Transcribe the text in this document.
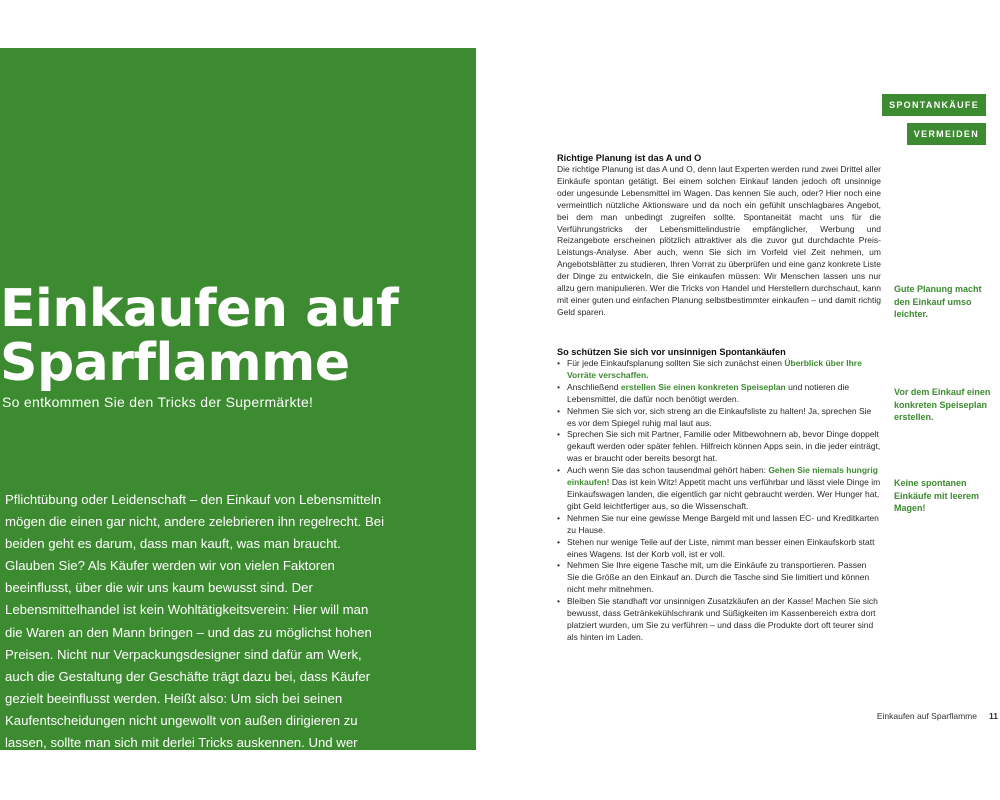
Einkaufen auf
Sparflamme
So entkommen Sie den Tricks der Supermärkte!

Pflichtübung oder Leidenschaft – den Einkauf von Lebensmitteln mögen die einen gar nicht, andere zelebrieren ihn regelrecht. Bei beiden geht es darum, dass man kauft, was man braucht. Glauben Sie? Als Käufer werden wir von vielen Faktoren beeinflusst, über die wir uns kaum bewusst sind. Der Lebensmittelhandel ist kein Wohltätigkeitsverein: Hier will man die Waren an den Mann bringen – und das zu möglichst hohen Preisen. Nicht nur Verpackungsdesigner sind dafür am Werk, auch die Gestaltung der Geschäfte trägt dazu bei, dass Käufer gezielt beeinflusst werden. Heißt also: Um sich bei seinen Kaufentscheidungen nicht ungewollt von außen dirigieren zu lassen, sollte man sich mit derlei Tricks auskennen. Und wer dann noch clever und bedacht einkauft, kann viel Geld sparen.

SPONTANKÄUFE
VERMEIDEN
Richtige Planung ist das A und O

Die richtige Planung ist das A und O, denn laut Experten werden rund zwei Drittel aller Einkäufe spontan getätigt. Bei einem solchen Einkauf landen jedoch oft unsinnige oder ungesunde Lebensmittel im Wagen. Das kennen Sie auch, oder? Hier noch eine vermeintlich nützliche Aktionsware und da noch ein gefühlt unschlagbares Angebot, bei dem man unbedingt zugreifen sollte. Spontaneität macht uns für die Verführungstricks der Lebensmittelindustrie empfänglicher, Werbung und Reizangebote erscheinen plötzlich attraktiver als die zuvor gut durchdachte Preis-Leistungs-Analyse. Aber auch, wenn Sie sich im Vorfeld viel Zeit nehmen, um Angebotsblätter zu studieren, Ihren Vorrat zu überprüfen und eine ganz konkrete Liste der Dinge zu entwickeln, die Sie einkaufen müssen: Wir Menschen lassen uns nur allzu gern manipulieren. Wer die Tricks von Handel und Herstellern durchschaut, kann mit einer guten und einfachen Planung selbstbestimmter einkaufen – und damit richtig Geld sparen.

So schützen Sie sich vor unsinnigen Spontankäufen
• Für jede Einkaufsplanung sollten Sie sich zunächst einen Überblick über Ihre Vorräte verschaffen.
• Anschließend erstellen Sie einen konkreten Speiseplan und notieren die Lebensmittel, die dafür noch benötigt werden.
• Nehmen Sie sich vor, sich streng an die Einkaufsliste zu halten! Ja, sprechen Sie es vor dem Spiegel ruhig mal laut aus.
• Sprechen Sie sich mit Partner, Familie oder Mitbewohnern ab, bevor Dinge doppelt gekauft werden oder später fehlen. Hilfreich können Apps sein, in die jeder einträgt, was er braucht oder bereits besorgt hat.
• Auch wenn Sie das schon tausendmal gehört haben: Gehen Sie niemals hungrig einkaufen! Das ist kein Witz! Appetit macht uns verführbar und lässt viele Dinge im Einkaufswagen landen, die eigentlich gar nicht gebraucht werden. Wer Hunger hat, gibt Geld leichtfertiger aus, so die Wissenschaft.
• Nehmen Sie nur eine gewisse Menge Bargeld mit und lassen EC- und Kreditkarten zu Hause.
• Stehen nur wenige Teile auf der Liste, nimmt man besser einen Einkaufskorb statt eines Wagens. Ist der Korb voll, ist er voll.
• Nehmen Sie Ihre eigene Tasche mit, um die Einkäufe zu transportieren. Passen Sie die Größe an den Einkauf an. Durch die Tasche sind Sie limitiert und können nicht mehr mitnehmen.
• Bleiben Sie standhaft vor unsinnigen Zusatzkäufen an der Kasse! Machen Sie sich bewusst, dass Getränkekühlschrank und Süßigkeiten im Kassenbereich extra dort platziert wurden, um Sie zu verführen – und dass die Produkte dort oft teurer sind als hinten im Laden.
Gute Planung macht den Einkauf umso leichter.
Vor dem Einkauf einen konkreten Speiseplan erstellen.
Keine spontanen Einkäufe mit leerem Magen!
Einkaufen auf Sparflamme 11
